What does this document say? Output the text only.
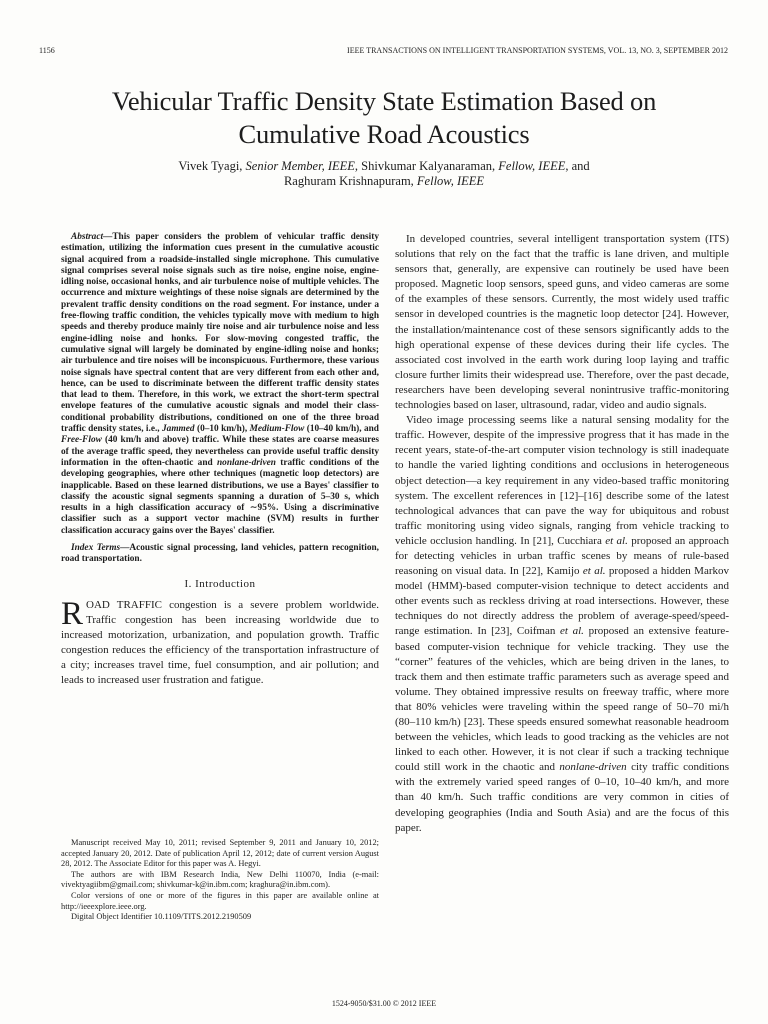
1156	IEEE TRANSACTIONS ON INTELLIGENT TRANSPORTATION SYSTEMS, VOL. 13, NO. 3, SEPTEMBER 2012
Vehicular Traffic Density State Estimation Based on
Cumulative Road Acoustics
Vivek Tyagi, Senior Member, IEEE, Shivkumar Kalyanaraman, Fellow, IEEE, and
Raghuram Krishnapuram, Fellow, IEEE

Abstract—This paper considers the problem of vehicular traffic density estimation, utilizing the information cues present in the cumulative acoustic signal acquired from a roadside-installed single microphone. This cumulative signal comprises several noise signals such as tire noise, engine noise, engine-idling noise, occasional honks, and air turbulence noise of multiple vehicles. The occurrence and mixture weightings of these noise signals are determined by the prevalent traffic density conditions on the road segment. For instance, under a free-flowing traffic condition, the vehicles typically move with medium to high speeds and thereby produce mainly tire noise and air turbulence noise and less engine-idling noise and honks. For slow-moving congested traffic, the cumulative signal will largely be dominated by engine-idling noise and honks; air turbulence and tire noises will be inconspicuous. Furthermore, these various noise signals have spectral content that are very different from each other and, hence, can be used to discriminate between the different traffic density states that lead to them. Therefore, in this work, we extract the short-term spectral envelope features of the cumulative acoustic signals and model their class-conditional probability distributions, conditioned on one of the three broad traffic density states, i.e., Jammed (0–10 km/h), Medium-Flow (10–40 km/h), and Free-Flow (40 km/h and above) traffic. While these states are coarse measures of the average traffic speed, they nevertheless can provide useful traffic density information in the often-chaotic and nonlane-driven traffic conditions of the developing geographies, where other techniques (magnetic loop detectors) are inapplicable. Based on these learned distributions, we use a Bayes' classifier to classify the acoustic signal segments spanning a duration of 5–30 s, which results in a high classification accuracy of ∼95%. Using a discriminative classifier such as a support vector machine (SVM) results in further classification accuracy gains over the Bayes' classifier.

Index Terms—Acoustic signal processing, land vehicles, pattern recognition, road transportation.

I. Introduction

ROAD TRAFFIC congestion is a severe problem worldwide. Traffic congestion has been increasing worldwide due to increased motorization, urbanization, and population growth. Traffic congestion reduces the efficiency of the transportation infrastructure of a city; increases travel time, fuel consumption, and air pollution; and leads to increased user frustration and fatigue.

Manuscript received May 10, 2011; revised September 9, 2011 and January 10, 2012; accepted January 20, 2012. Date of publication April 12, 2012; date of current version August 28, 2012. The Associate Editor for this paper was A. Hegyi.

The authors are with IBM Research India, New Delhi 110070, India (e-mail: vivektyagiibm@gmail.com; shivkumar-k@in.ibm.com; kraghura@in.ibm.com).

Color versions of one or more of the figures in this paper are available online at http://ieeexplore.ieee.org.

Digital Object Identifier 10.1109/TITS.2012.2190509

In developed countries, several intelligent transportation system (ITS) solutions that rely on the fact that the traffic is lane driven, and multiple sensors that, generally, are expensive can routinely be used have been proposed. Magnetic loop sensors, speed guns, and video cameras are some of the examples of these sensors. Currently, the most widely used traffic sensor in developed countries is the magnetic loop detector [24]. However, the installation/maintenance cost of these sensors significantly adds to the high operational expense of these devices during their life cycles. The associated cost involved in the earth work during loop laying and traffic closure further limits their widespread use. Therefore, over the past decade, researchers have been developing several nonintrusive traffic-monitoring technologies based on laser, ultrasound, radar, video and audio signals.

Video image processing seems like a natural sensing modality for the traffic. However, despite of the impressive progress that it has made in the recent years, state-of-the-art computer vision technology is still inadequate to handle the varied lighting conditions and occlusions in heterogeneous object detection—a key requirement in any video-based traffic monitoring system. The excellent references in [12]–[16] describe some of the latest technological advances that can pave the way for ubiquitous and robust traffic monitoring using video signals, ranging from vehicle tracking to vehicle occlusion handling. In [21], Cucchiara et al. proposed an approach for detecting vehicles in urban traffic scenes by means of rule-based reasoning on visual data. In [22], Kamijo et al. proposed a hidden Markov model (HMM)-based computer-vision technique to detect accidents and other events such as reckless driving at road intersections. However, these techniques do not directly address the problem of average-speed/speed-range estimation. In [23], Coifman et al. proposed an extensive feature-based computer-vision technique for vehicle tracking. They use the “corner” features of the vehicles, which are being driven in the lanes, to track them and then estimate traffic parameters such as average speed and volume. They obtained impressive results on freeway traffic, where more that 80% vehicles were traveling within the speed range of 50–70 mi/h (80–110 km/h) [23]. These speeds ensured somewhat reasonable headroom between the vehicles, which leads to good tracking as the vehicles are not linked to each other. However, it is not clear if such a tracking technique could still work in the chaotic and nonlane-driven city traffic conditions with the extremely varied speed ranges of 0–10, 10–40 km/h, and more than 40 km/h. Such traffic conditions are very common in cities of developing geographies (India and South Asia) and are the focus of this paper.

1524-9050/$31.00 © 2012 IEEE
